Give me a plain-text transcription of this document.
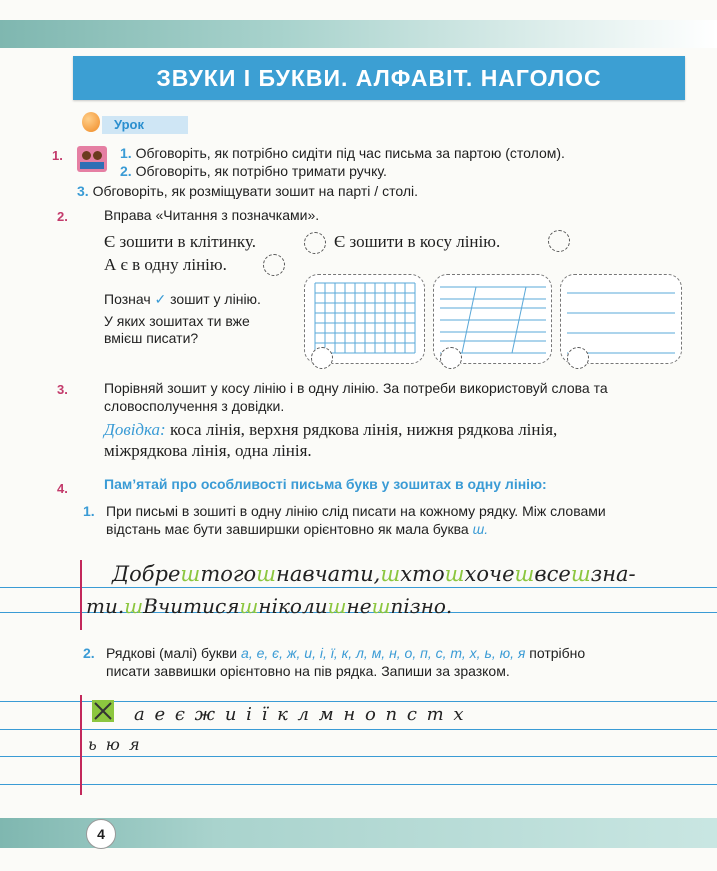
ЗВУКИ І БУКВИ. АЛФАВІТ. НАГОЛОС
Урок
1.	1. Обговоріть, як потрібно сидіти під час письма за партою (столом).
2. Обговоріть, як потрібно тримати ручку.
3. Обговоріть, як розміщувати зошит на парті / столі.
2.	Вправа «Читання з позначками».
Є зошити в клітинку.	Є зошити в косу лінію.
А є в одну лінію.
Познач ✓ зошит у лінію.
У яких зошитах ти вже
вмієш писати?
3.	Порівняй зошит у косу лінію і в одну лінію. За потреби використовуй слова та
словосполучення з довідки.
Довідка: коса лінія, верхня рядкова лінія, нижня рядкова лінія,
міжрядкова лінія, одна лінія.
4.	Пам’ятай про особливості письма букв у зошитах в одну лінію:
1. При письмі в зошиті в одну лінію слід писати на кожному рядку. Між словами
відстань має бути завширшки орієнтовно як мала буква ш.
Добрештогошнавчати,шхтошхочешвсешзна-
ти.шВчитисяшніколишнешпізно.
2. Рядкові (малі) букви а, е, є, ж, и, і, ї, к, л, м, н, о, п, с, т, х, ь, ю, я потрібно
писати заввишки орієнтовно на пів рядка. Запиши за зразком.
а е є ж и і ї к л м н о п с т х
ь ю я
4
